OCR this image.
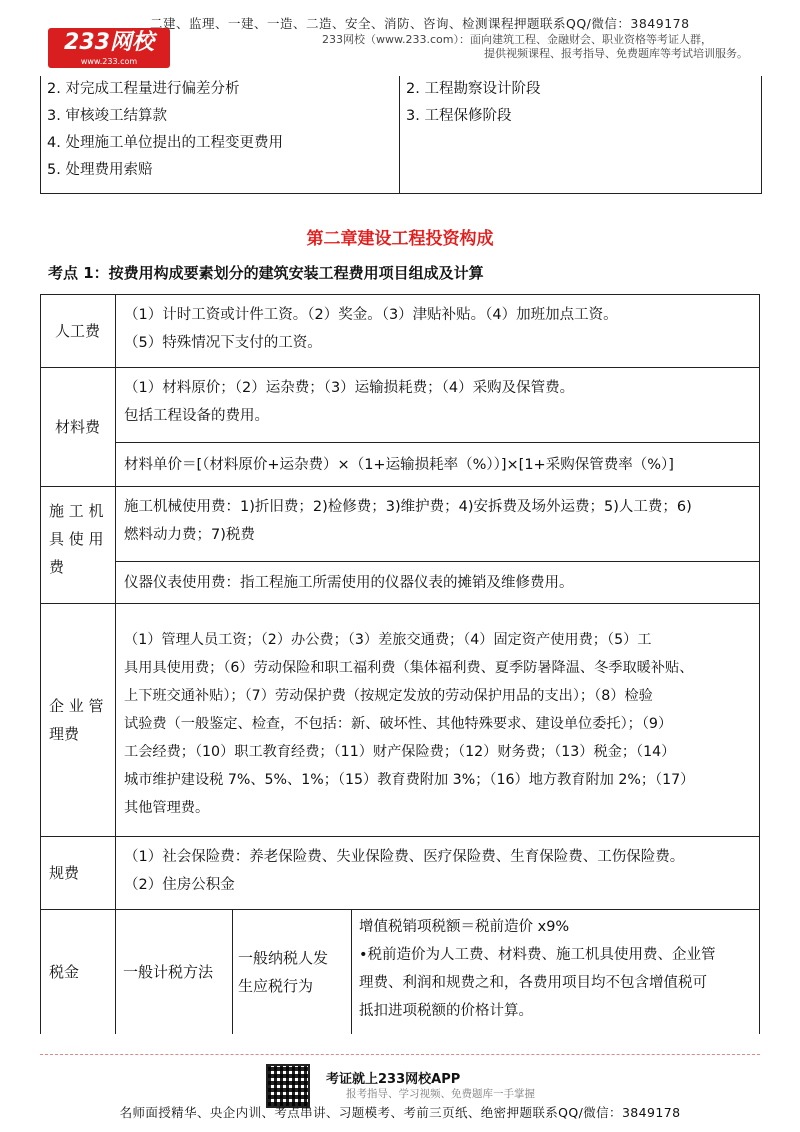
233网校
www.233.com
二建、监理、一建、一造、二造、安全、消防、咨询、检测课程押题联系QQ/微信：3849178
233网校（www.233.com）：面向建筑工程、金融财会、职业资格等考证人群，
提供视频课程、报考指导、免费题库等考试培训服务。
2. 对完成工程量进行偏差分析
3. 审核竣工结算款
4. 处理施工单位提出的工程变更费用
5. 处理费用索赔
2. 工程勘察设计阶段
3. 工程保修阶段
第二章建设工程投资构成
考点 1：按费用构成要素划分的建筑安装工程费用项目组成及计算
人工费
（1）计时工资或计件工资。（2）奖金。（3）津贴补贴。（4）加班加点工资。
（5）特殊情况下支付的工资。
材料费
（1）材料原价；（2）运杂费；（3）运输损耗费；（4）采购及保管费。
包括工程设备的费用。
材料单价＝[（材料原价+运杂费）×（1+运输损耗率（%））]×[1+采购保管费率（%）]
施 工 机
具 使 用
费
施工机械使用费：1)折旧费；2)检修费；3)维护费；4)安拆费及场外运费；5)人工费；6)
燃料动力费；7)税费
仪器仪表使用费：指工程施工所需使用的仪器仪表的摊销及维修费用。
企 业 管
理费
（1）管理人员工资；（2）办公费；（3）差旅交通费；（4）固定资产使用费；（5）工
具用具使用费；（6）劳动保险和职工福利费（集体福利费、夏季防暑降温、冬季取暖补贴、
上下班交通补贴）；（7）劳动保护费（按规定发放的劳动保护用品的支出）；（8）检验
试验费（一般鉴定、检查，不包括：新、破坏性、其他特殊要求、建设单位委托）；（9）
工会经费；（10）职工教育经费；（11）财产保险费；（12）财务费；（13）税金；（14）
城市维护建设税 7%、5%、1%；（15）教育费附加 3%；（16）地方教育附加 2%；（17）
其他管理费。
规费
（1）社会保险费：养老保险费、失业保险费、医疗保险费、生育保险费、工伤保险费。
（2）住房公积金
税金	一般计税方法
一般纳税人发
生应税行为
增值税销项税额＝税前造价 x9%
•税前造价为人工费、材料费、施工机具使用费、企业管
理费、利润和规费之和，各费用项目均不包含增值税可
抵扣进项税额的价格计算。
考证就上233网校APP
报考指导、学习视频、免费题库一手掌握
名师面授精华、央企内训、考点串讲、习题模考、考前三页纸、绝密押题联系QQ/微信：3849178
